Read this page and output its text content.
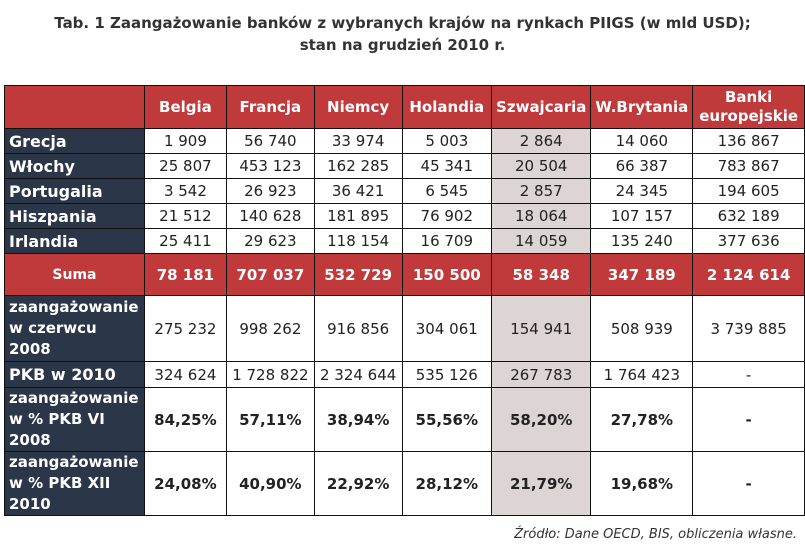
Tab. 1 Zaangażowanie banków z wybranych krajów na rynkach PIIGS (w mld USD);
stan na grudzień 2010 r.
	Belgia	Francja	Niemcy	Holandia	Szwajcaria	W.Brytania	Banki europejskie
Grecja	1 909	56 740	33 974	5 003	2 864	14 060	136 867
Włochy	25 807	453 123	162 285	45 341	20 504	66 387	783 867
Portugalia	3 542	26 923	36 421	6 545	2 857	24 345	194 605
Hiszpania	21 512	140 628	181 895	76 902	18 064	107 157	632 189
Irlandia	25 411	29 623	118 154	16 709	14 059	135 240	377 636
Suma	78 181	707 037	532 729	150 500	58 348	347 189	2 124 614
zaangażowanie w czerwcu 2008	275 232	998 262	916 856	304 061	154 941	508 939	3 739 885
PKB w 2010	324 624	1 728 822	2 324 644	535 126	267 783	1 764 423	-
zaangażowanie w % PKB VI 2008	84,25%	57,11%	38,94%	55,56%	58,20%	27,78%	-
zaangażowanie w % PKB XII 2010	24,08%	40,90%	22,92%	28,12%	21,79%	19,68%	-
Źródło: Dane OECD, BIS, obliczenia własne.
